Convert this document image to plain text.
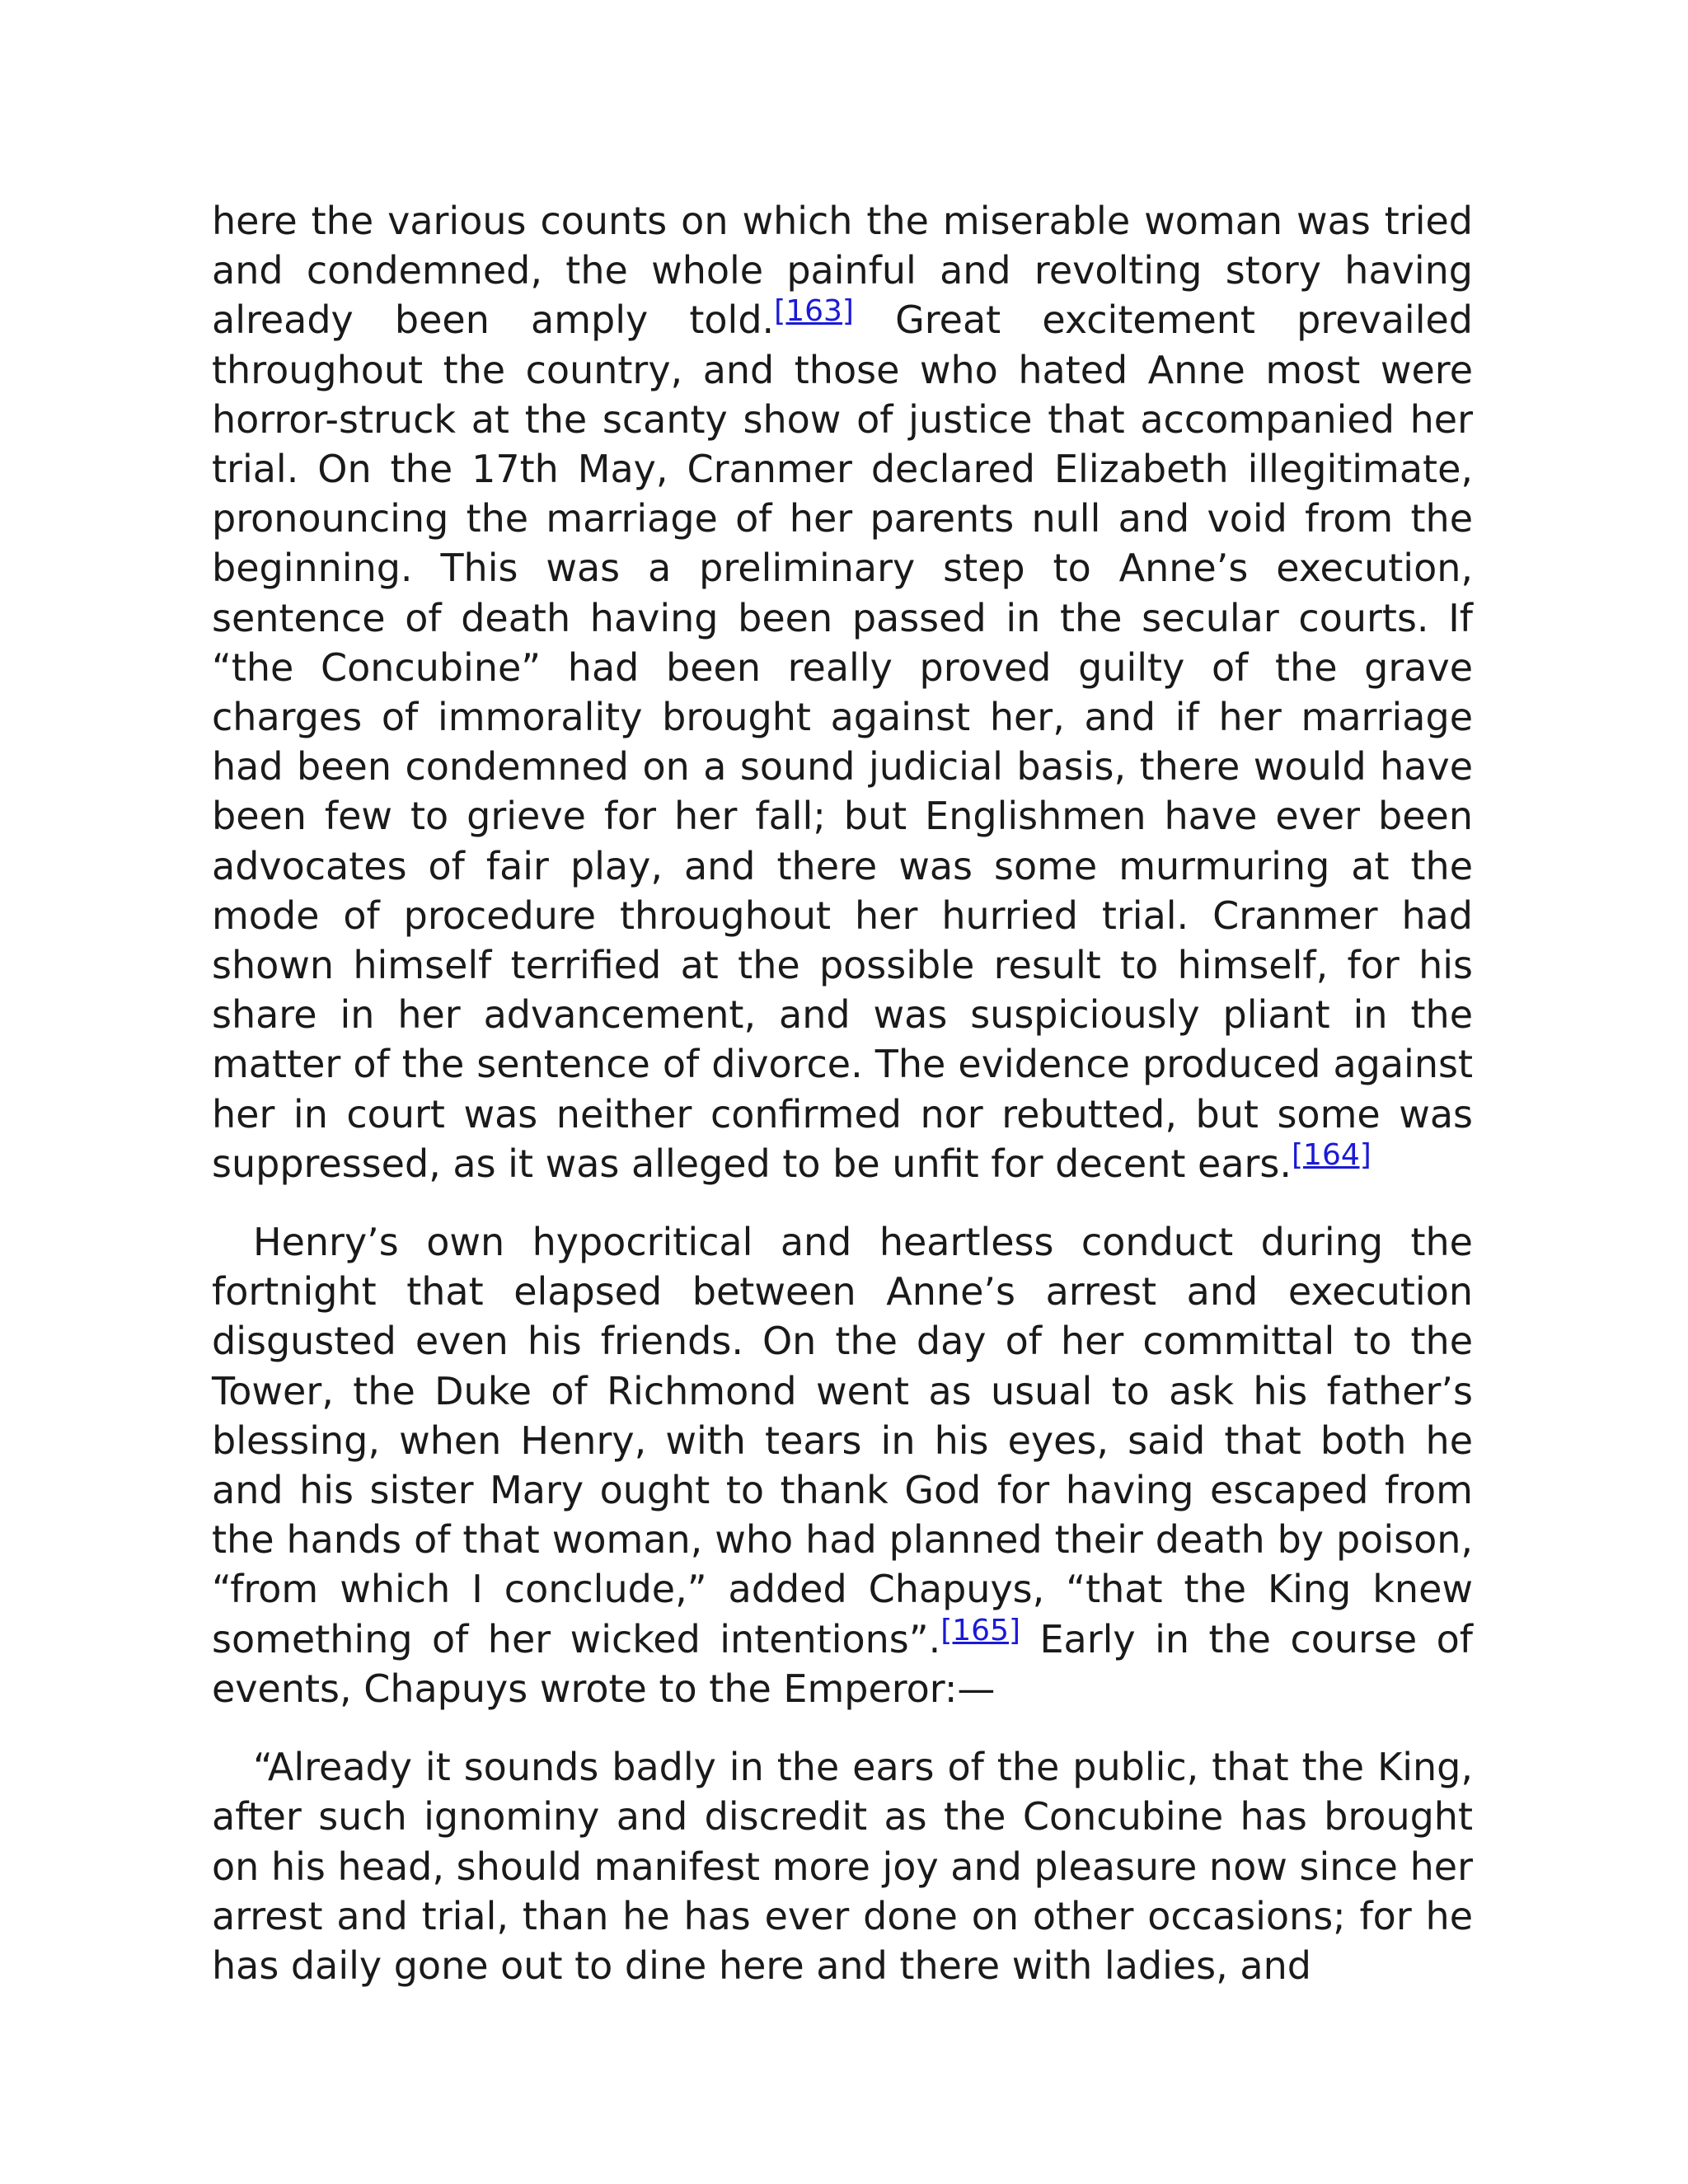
here the various counts on which the miserable woman was tried and condemned, the whole painful and revolting story having already been amply told.[163] Great excitement prevailed throughout the country, and those who hated Anne most were horror-struck at the scanty show of justice that accompanied her trial. On the 17th May, Cranmer declared Elizabeth illegitimate, pronouncing the marriage of her parents null and void from the beginning. This was a preliminary step to Anne’s execution, sentence of death having been passed in the secular courts. If “the Concubine” had been really proved guilty of the grave charges of immorality brought against her, and if her marriage had been condemned on a sound judicial basis, there would have been few to grieve for her fall; but Englishmen have ever been advocates of fair play, and there was some murmuring at the mode of procedure throughout her hurried trial. Cranmer had shown himself terrified at the possible result to himself, for his share in her advancement, and was suspiciously pliant in the matter of the sentence of divorce. The evidence produced against her in court was neither confirmed nor rebutted, but some was suppressed, as it was alleged to be unfit for decent ears.[164]

Henry’s own hypocritical and heartless conduct during the fortnight that elapsed between Anne’s arrest and execution disgusted even his friends. On the day of her committal to the Tower, the Duke of Richmond went as usual to ask his father’s blessing, when Henry, with tears in his eyes, said that both he and his sister Mary ought to thank God for having escaped from the hands of that woman, who had planned their death by poison, “from which I conclude,” added Chapuys, “that the King knew something of her wicked intentions”.[165] Early in the course of events, Chapuys wrote to the Emperor:—

“Already it sounds badly in the ears of the public, that the King, after such ignominy and discredit as the Concubine has brought on his head, should manifest more joy and pleasure now since her arrest and trial, than he has ever done on other occasions; for he has daily gone out to dine here and there with ladies, and
